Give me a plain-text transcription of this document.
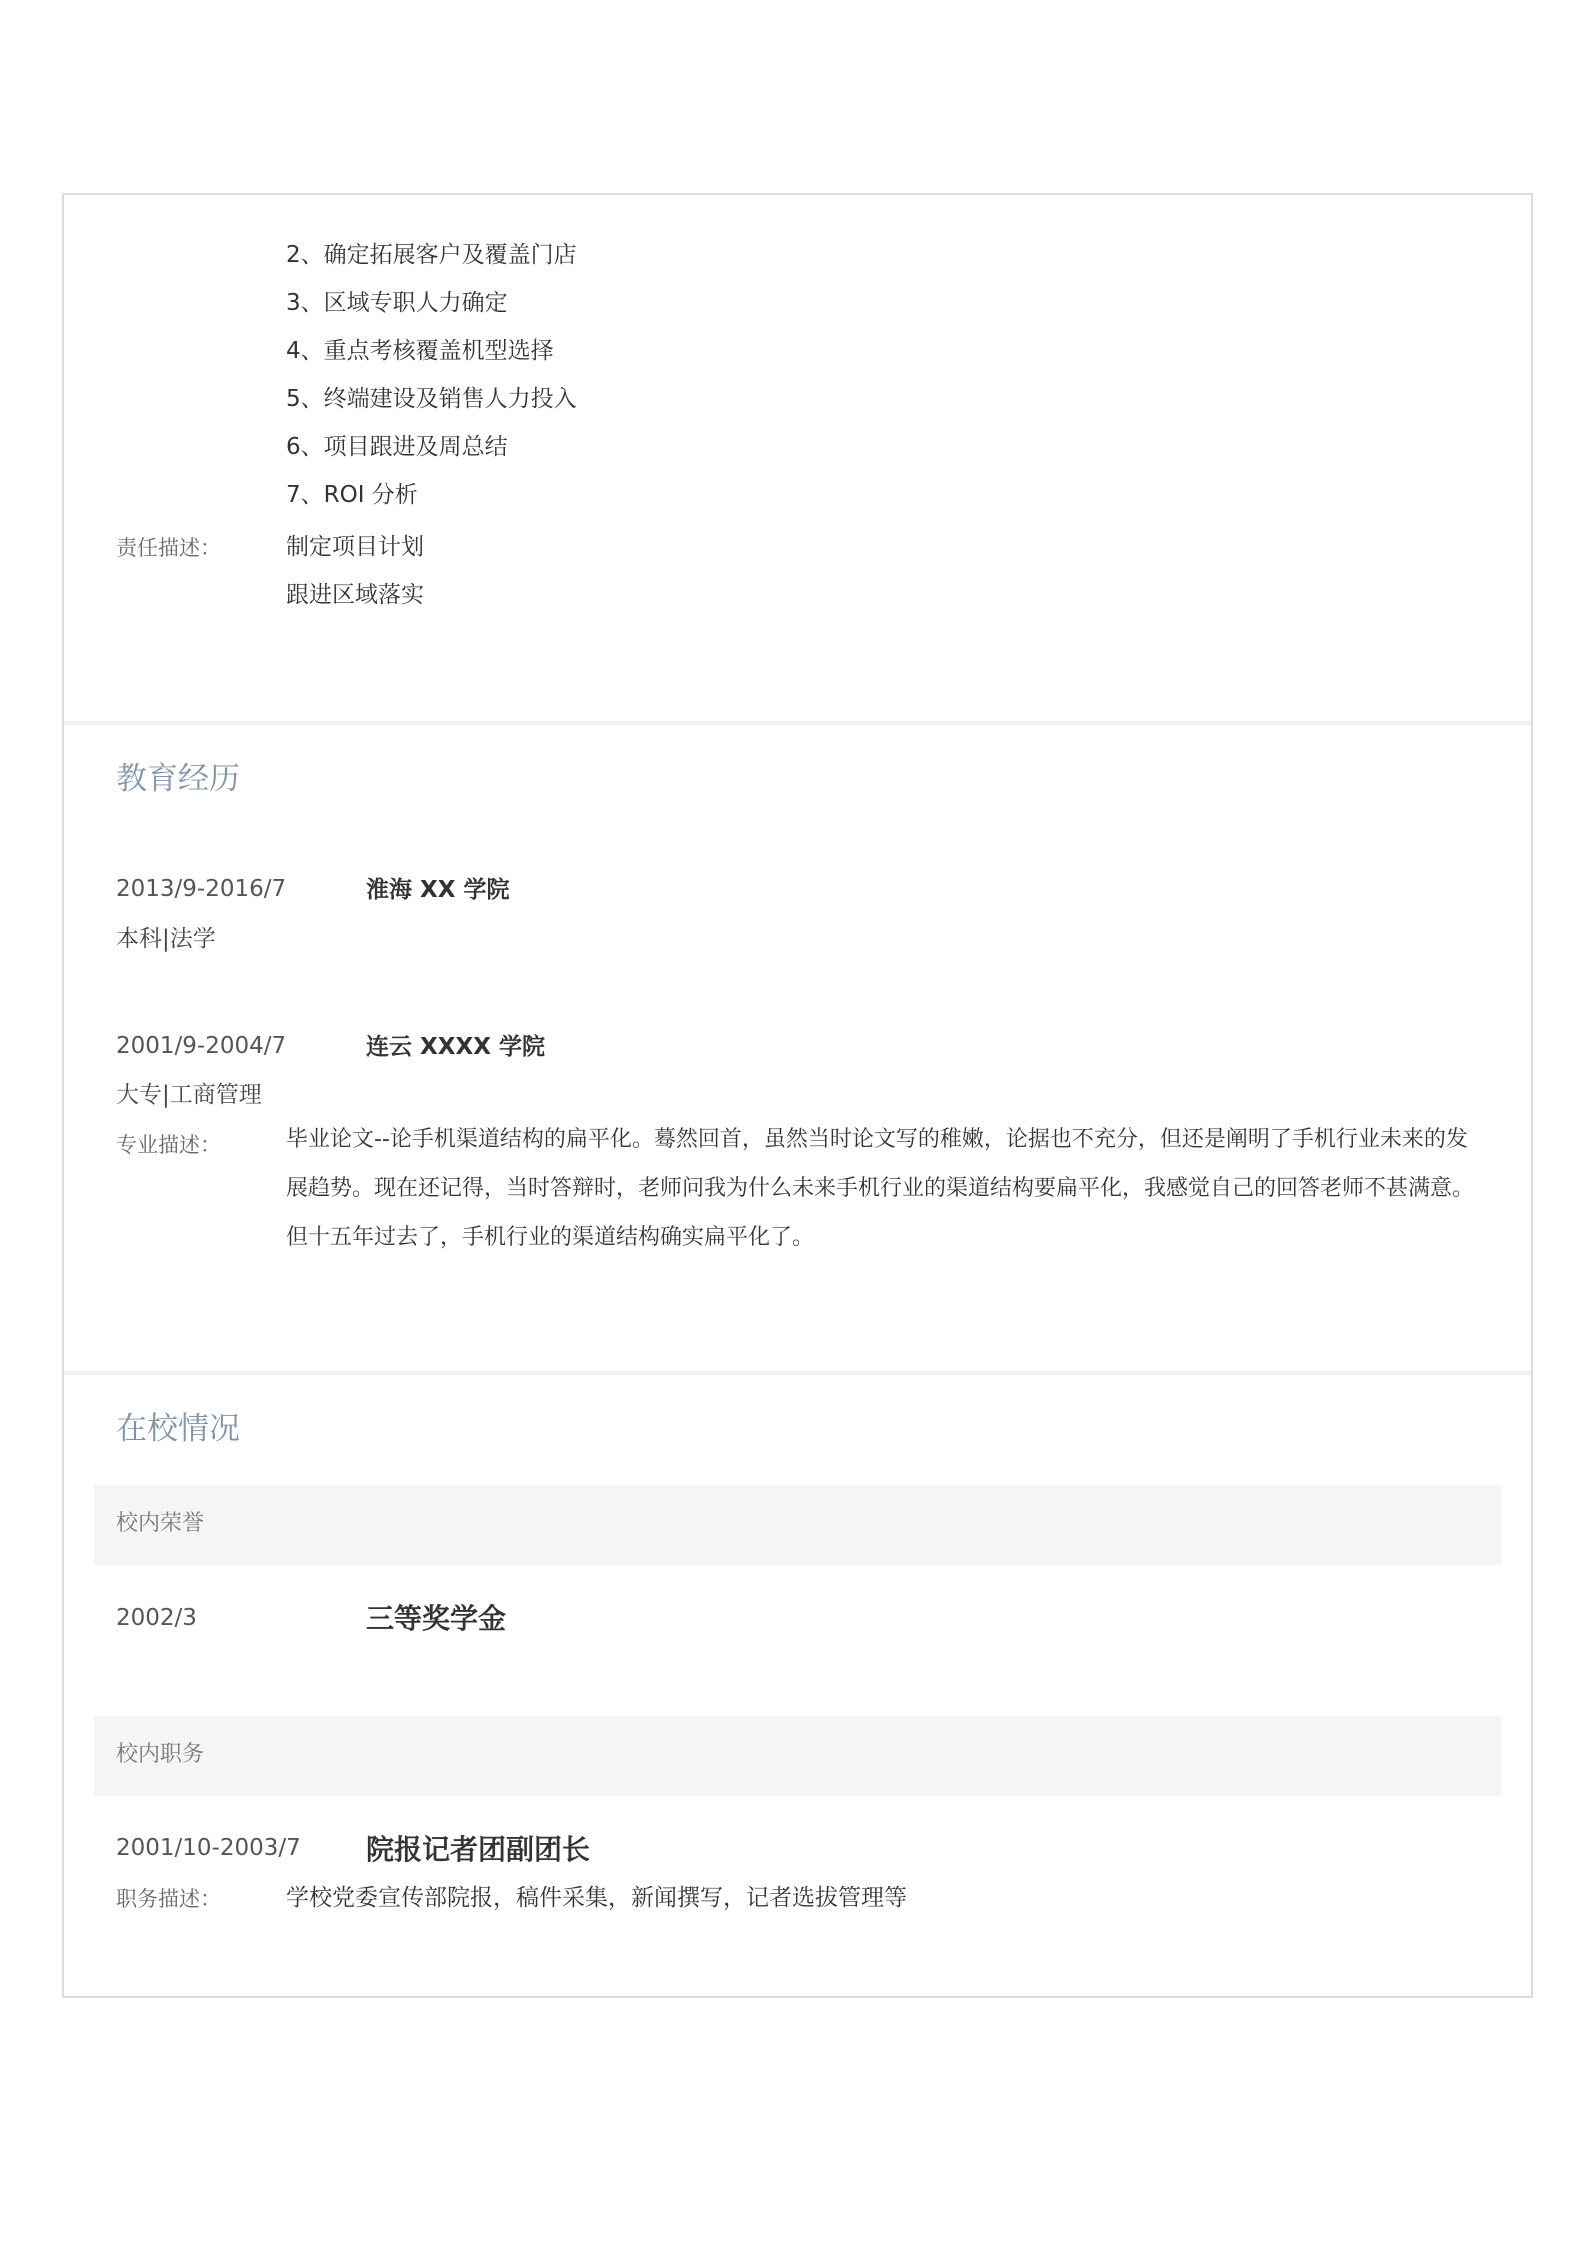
2、确定拓展客户及覆盖门店
3、区域专职人力确定
4、重点考核覆盖机型选择
5、终端建设及销售人力投入
6、项目跟进及周总结
7、ROI 分析
责任描述：	制定项目计划
跟进区域落实
教育经历
2013/9-2016/7	淮海 XX 学院
本科|法学
2001/9-2004/7	连云 XXXX 学院
大专|工商管理
专业描述：	毕业论文--论手机渠道结构的扁平化。蓦然回首，虽然当时论文写的稚嫩，论据也不充分，但还是阐明了手机行业未来的发展趋势。现在还记得，当时答辩时，老师问我为什么未来手机行业的渠道结构要扁平化，我感觉自己的回答老师不甚满意。但十五年过去了，手机行业的渠道结构确实扁平化了。
在校情况
校内荣誉
2002/3	三等奖学金
校内职务
2001/10-2003/7 院报记者团副团长
职务描述：	学校党委宣传部院报，稿件采集，新闻撰写，记者选拔管理等
